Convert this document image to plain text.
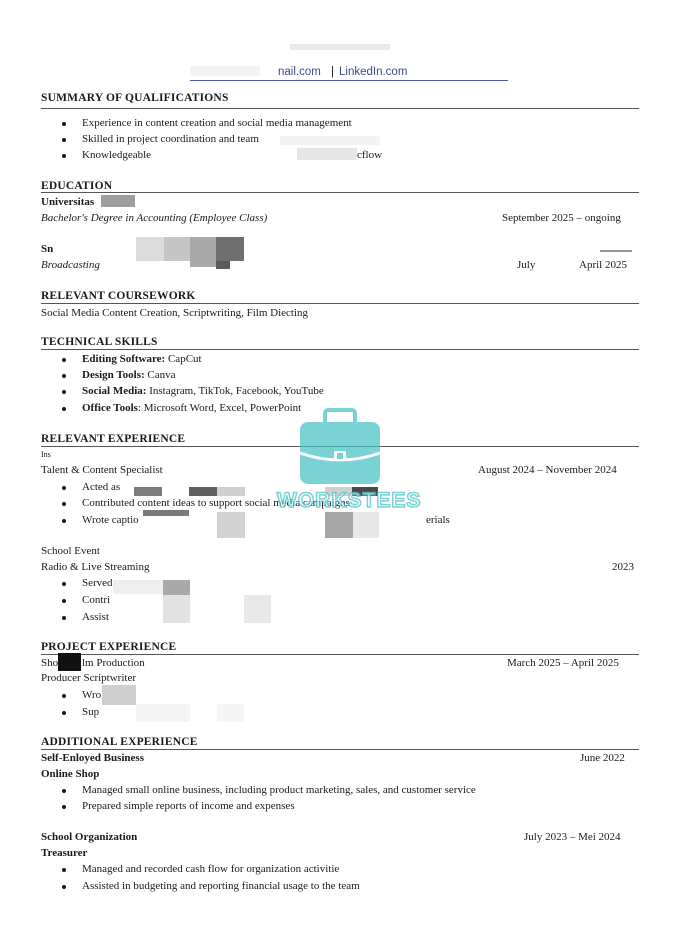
nail.com | LinkedIn.com
SUMMARY OF QUALIFICATIONS
Experience in content creation and social media management
Skilled in project coordination and team
Knowledgeable	cflow
EDUCATION
Universitas
Bachelor's Degree in Accounting (Employee Class)	September 2025 – ongoing
Sn
Broadcasting	July	April 2025
RELEVANT COURSEWORK
Social Media Content Creation, Scriptwriting, Film Diecting
TECHNICAL SKILLS
Editing Software: CapCut
Design Tools: Canva
Social Media: Instagram, TikTok, Facebook, YouTube
Office Tools: Microsoft Word, Excel, PowerPoint
RELEVANT EXPERIENCE
Ins
Talent & Content Specialist	August 2024 – November 2024
Acted as
Contributed content ideas to support social media campaigns
Wrote captio	erials
School Event
Radio & Live Streaming	2023
Served
Contri
Assist
PROJECT EXPERIENCE
Sho lm Production	March 2025 – April 2025
Producer Scriptwriter
Wro
Sup
ADDITIONAL EXPERIENCE
Self-Enloyed Business	June 2022
Online Shop
Managed small online business, including product marketing, sales, and customer service
Prepared simple reports of income and expenses
School Organization	July 2023 – Mei 2024
Treasurer
Managed and recorded cash flow for organization activitie
Assisted in budgeting and reporting financial usage to the team
WORKSTEES
